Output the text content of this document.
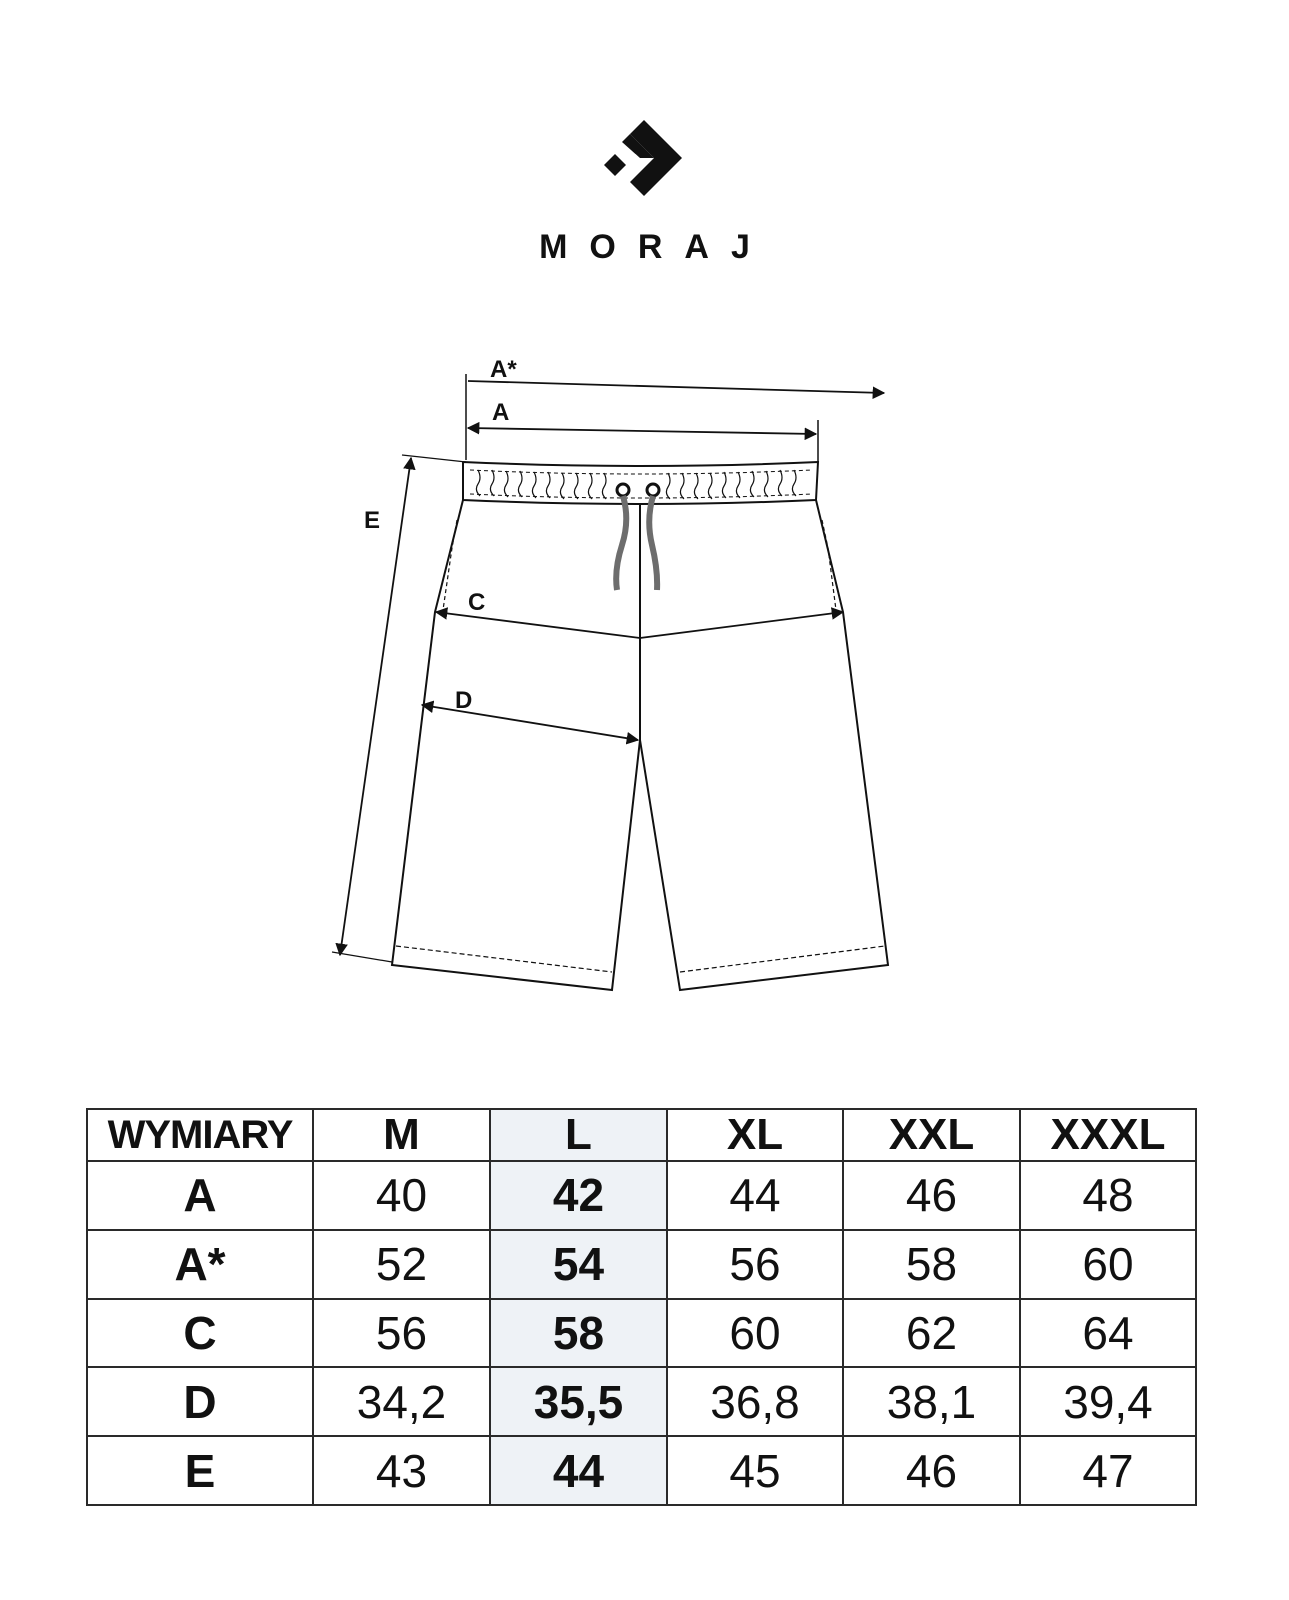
MORAJ
A*
A
E
C
D
WYMIARY	M	L	XL	XXL	XXXL
A	40	42	44	46	48
A*	52	54	56	58	60
C	56	58	60	62	64
D	34,2	35,5	36,8	38,1	39,4
E	43	44	45	46	47
